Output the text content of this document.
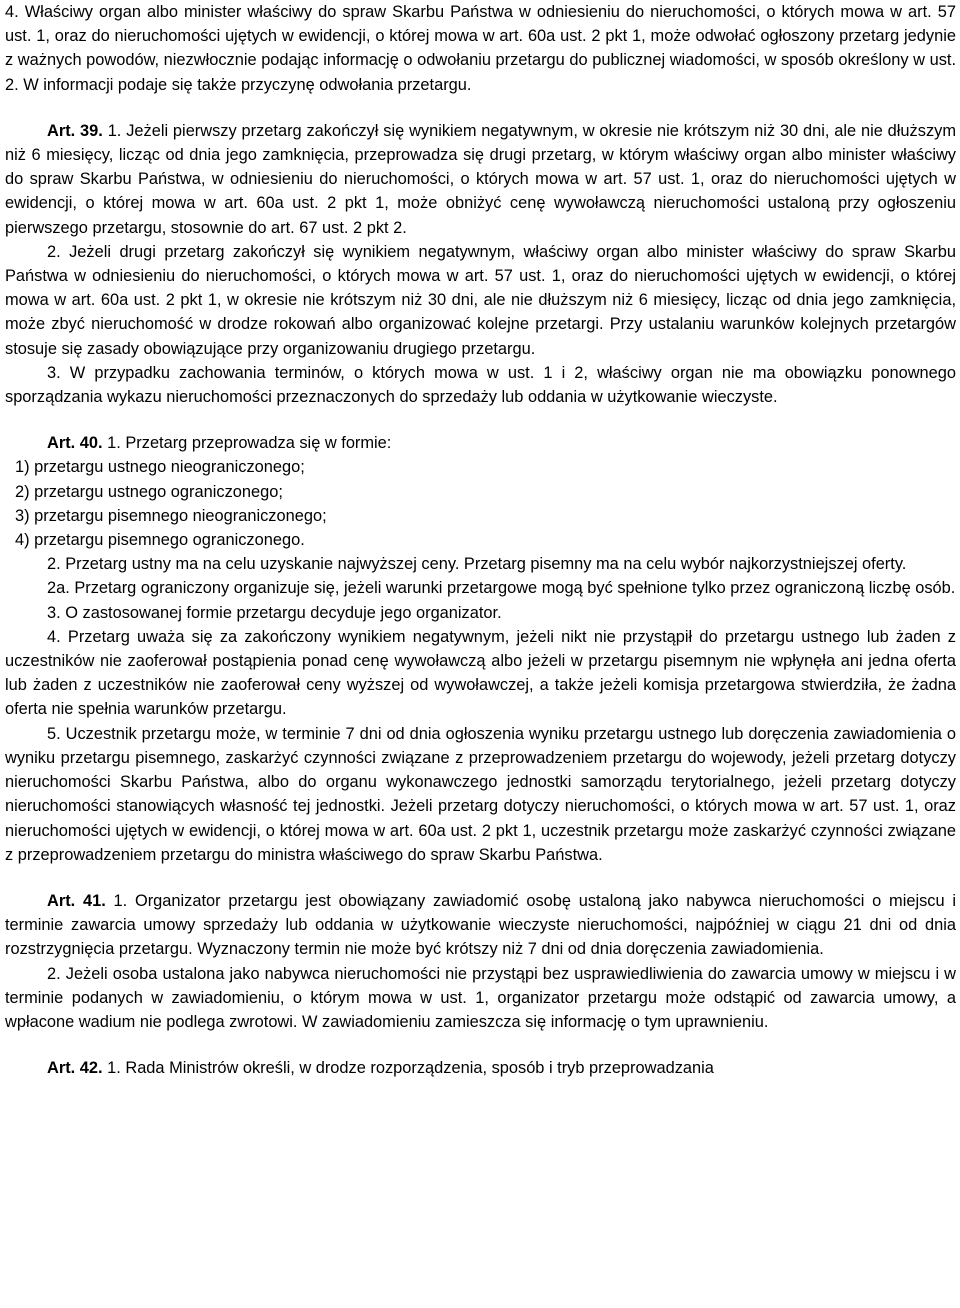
4. Właściwy organ albo minister właściwy do spraw Skarbu Państwa w odniesieniu do nieruchomości, o których mowa w art. 57 ust. 1, oraz do nieruchomości ujętych w ewidencji, o której mowa w art. 60a ust. 2 pkt 1, może odwołać ogłoszony przetarg jedynie z ważnych powodów, niezwłocznie podając informację o odwołaniu przetargu do publicznej wiadomości, w sposób określony w ust. 2. W informacji podaje się także przyczynę odwołania przetargu.

Art. 39. 1. Jeżeli pierwszy przetarg zakończył się wynikiem negatywnym, w okresie nie krótszym niż 30 dni, ale nie dłuższym niż 6 miesięcy, licząc od dnia jego zamknięcia, przeprowadza się drugi przetarg, w którym właściwy organ albo minister właściwy do spraw Skarbu Państwa, w odniesieniu do nieruchomości, o których mowa w art. 57 ust. 1, oraz do nieruchomości ujętych w ewidencji, o której mowa w art. 60a ust. 2 pkt 1, może obniżyć cenę wywoławczą nieruchomości ustaloną przy ogłoszeniu pierwszego przetargu, stosownie do art. 67 ust. 2 pkt 2.

2. Jeżeli drugi przetarg zakończył się wynikiem negatywnym, właściwy organ albo minister właściwy do spraw Skarbu Państwa w odniesieniu do nieruchomości, o których mowa w art. 57 ust. 1, oraz do nieruchomości ujętych w ewidencji, o której mowa w art. 60a ust. 2 pkt 1, w okresie nie krótszym niż 30 dni, ale nie dłuższym niż 6 miesięcy, licząc od dnia jego zamknięcia, może zbyć nieruchomość w drodze rokowań albo organizować kolejne przetargi. Przy ustalaniu warunków kolejnych przetargów stosuje się zasady obowiązujące przy organizowaniu drugiego przetargu.

3. W przypadku zachowania terminów, o których mowa w ust. 1 i 2, właściwy organ nie ma obowiązku ponownego sporządzania wykazu nieruchomości przeznaczonych do sprzedaży lub oddania w użytkowanie wieczyste.

Art. 40. 1. Przetarg przeprowadza się w formie:

1) przetargu ustnego nieograniczonego;
2) przetargu ustnego ograniczonego;
3) przetargu pisemnego nieograniczonego;
4) przetargu pisemnego ograniczonego.

2. Przetarg ustny ma na celu uzyskanie najwyższej ceny. Przetarg pisemny ma na celu wybór najkorzystniejszej oferty.

2a. Przetarg ograniczony organizuje się, jeżeli warunki przetargowe mogą być spełnione tylko przez ograniczoną liczbę osób.

3. O zastosowanej formie przetargu decyduje jego organizator.

4. Przetarg uważa się za zakończony wynikiem negatywnym, jeżeli nikt nie przystąpił do przetargu ustnego lub żaden z uczestników nie zaoferował postąpienia ponad cenę wywoławczą albo jeżeli w przetargu pisemnym nie wpłynęła ani jedna oferta lub żaden z uczestników nie zaoferował ceny wyższej od wywoławczej, a także jeżeli komisja przetargowa stwierdziła, że żadna oferta nie spełnia warunków przetargu.

5. Uczestnik przetargu może, w terminie 7 dni od dnia ogłoszenia wyniku przetargu ustnego lub doręczenia zawiadomienia o wyniku przetargu pisemnego, zaskarżyć czynności związane z przeprowadzeniem przetargu do wojewody, jeżeli przetarg dotyczy nieruchomości Skarbu Państwa, albo do organu wykonawczego jednostki samorządu terytorialnego, jeżeli przetarg dotyczy nieruchomości stanowiących własność tej jednostki. Jeżeli przetarg dotyczy nieruchomości, o których mowa w art. 57 ust. 1, oraz nieruchomości ujętych w ewidencji, o której mowa w art. 60a ust. 2 pkt 1, uczestnik przetargu może zaskarżyć czynności związane z przeprowadzeniem przetargu do ministra właściwego do spraw Skarbu Państwa.

Art. 41. 1. Organizator przetargu jest obowiązany zawiadomić osobę ustaloną jako nabywca nieruchomości o miejscu i terminie zawarcia umowy sprzedaży lub oddania w użytkowanie wieczyste nieruchomości, najpóźniej w ciągu 21 dni od dnia rozstrzygnięcia przetargu. Wyznaczony termin nie może być krótszy niż 7 dni od dnia doręczenia zawiadomienia.

2. Jeżeli osoba ustalona jako nabywca nieruchomości nie przystąpi bez usprawiedliwienia do zawarcia umowy w miejscu i w terminie podanych w zawiadomieniu, o którym mowa w ust. 1, organizator przetargu może odstąpić od zawarcia umowy, a wpłacone wadium nie podlega zwrotowi. W zawiadomieniu zamieszcza się informację o tym uprawnieniu.

Art. 42. 1. Rada Ministrów określi, w drodze rozporządzenia, sposób i tryb przeprowadzania
